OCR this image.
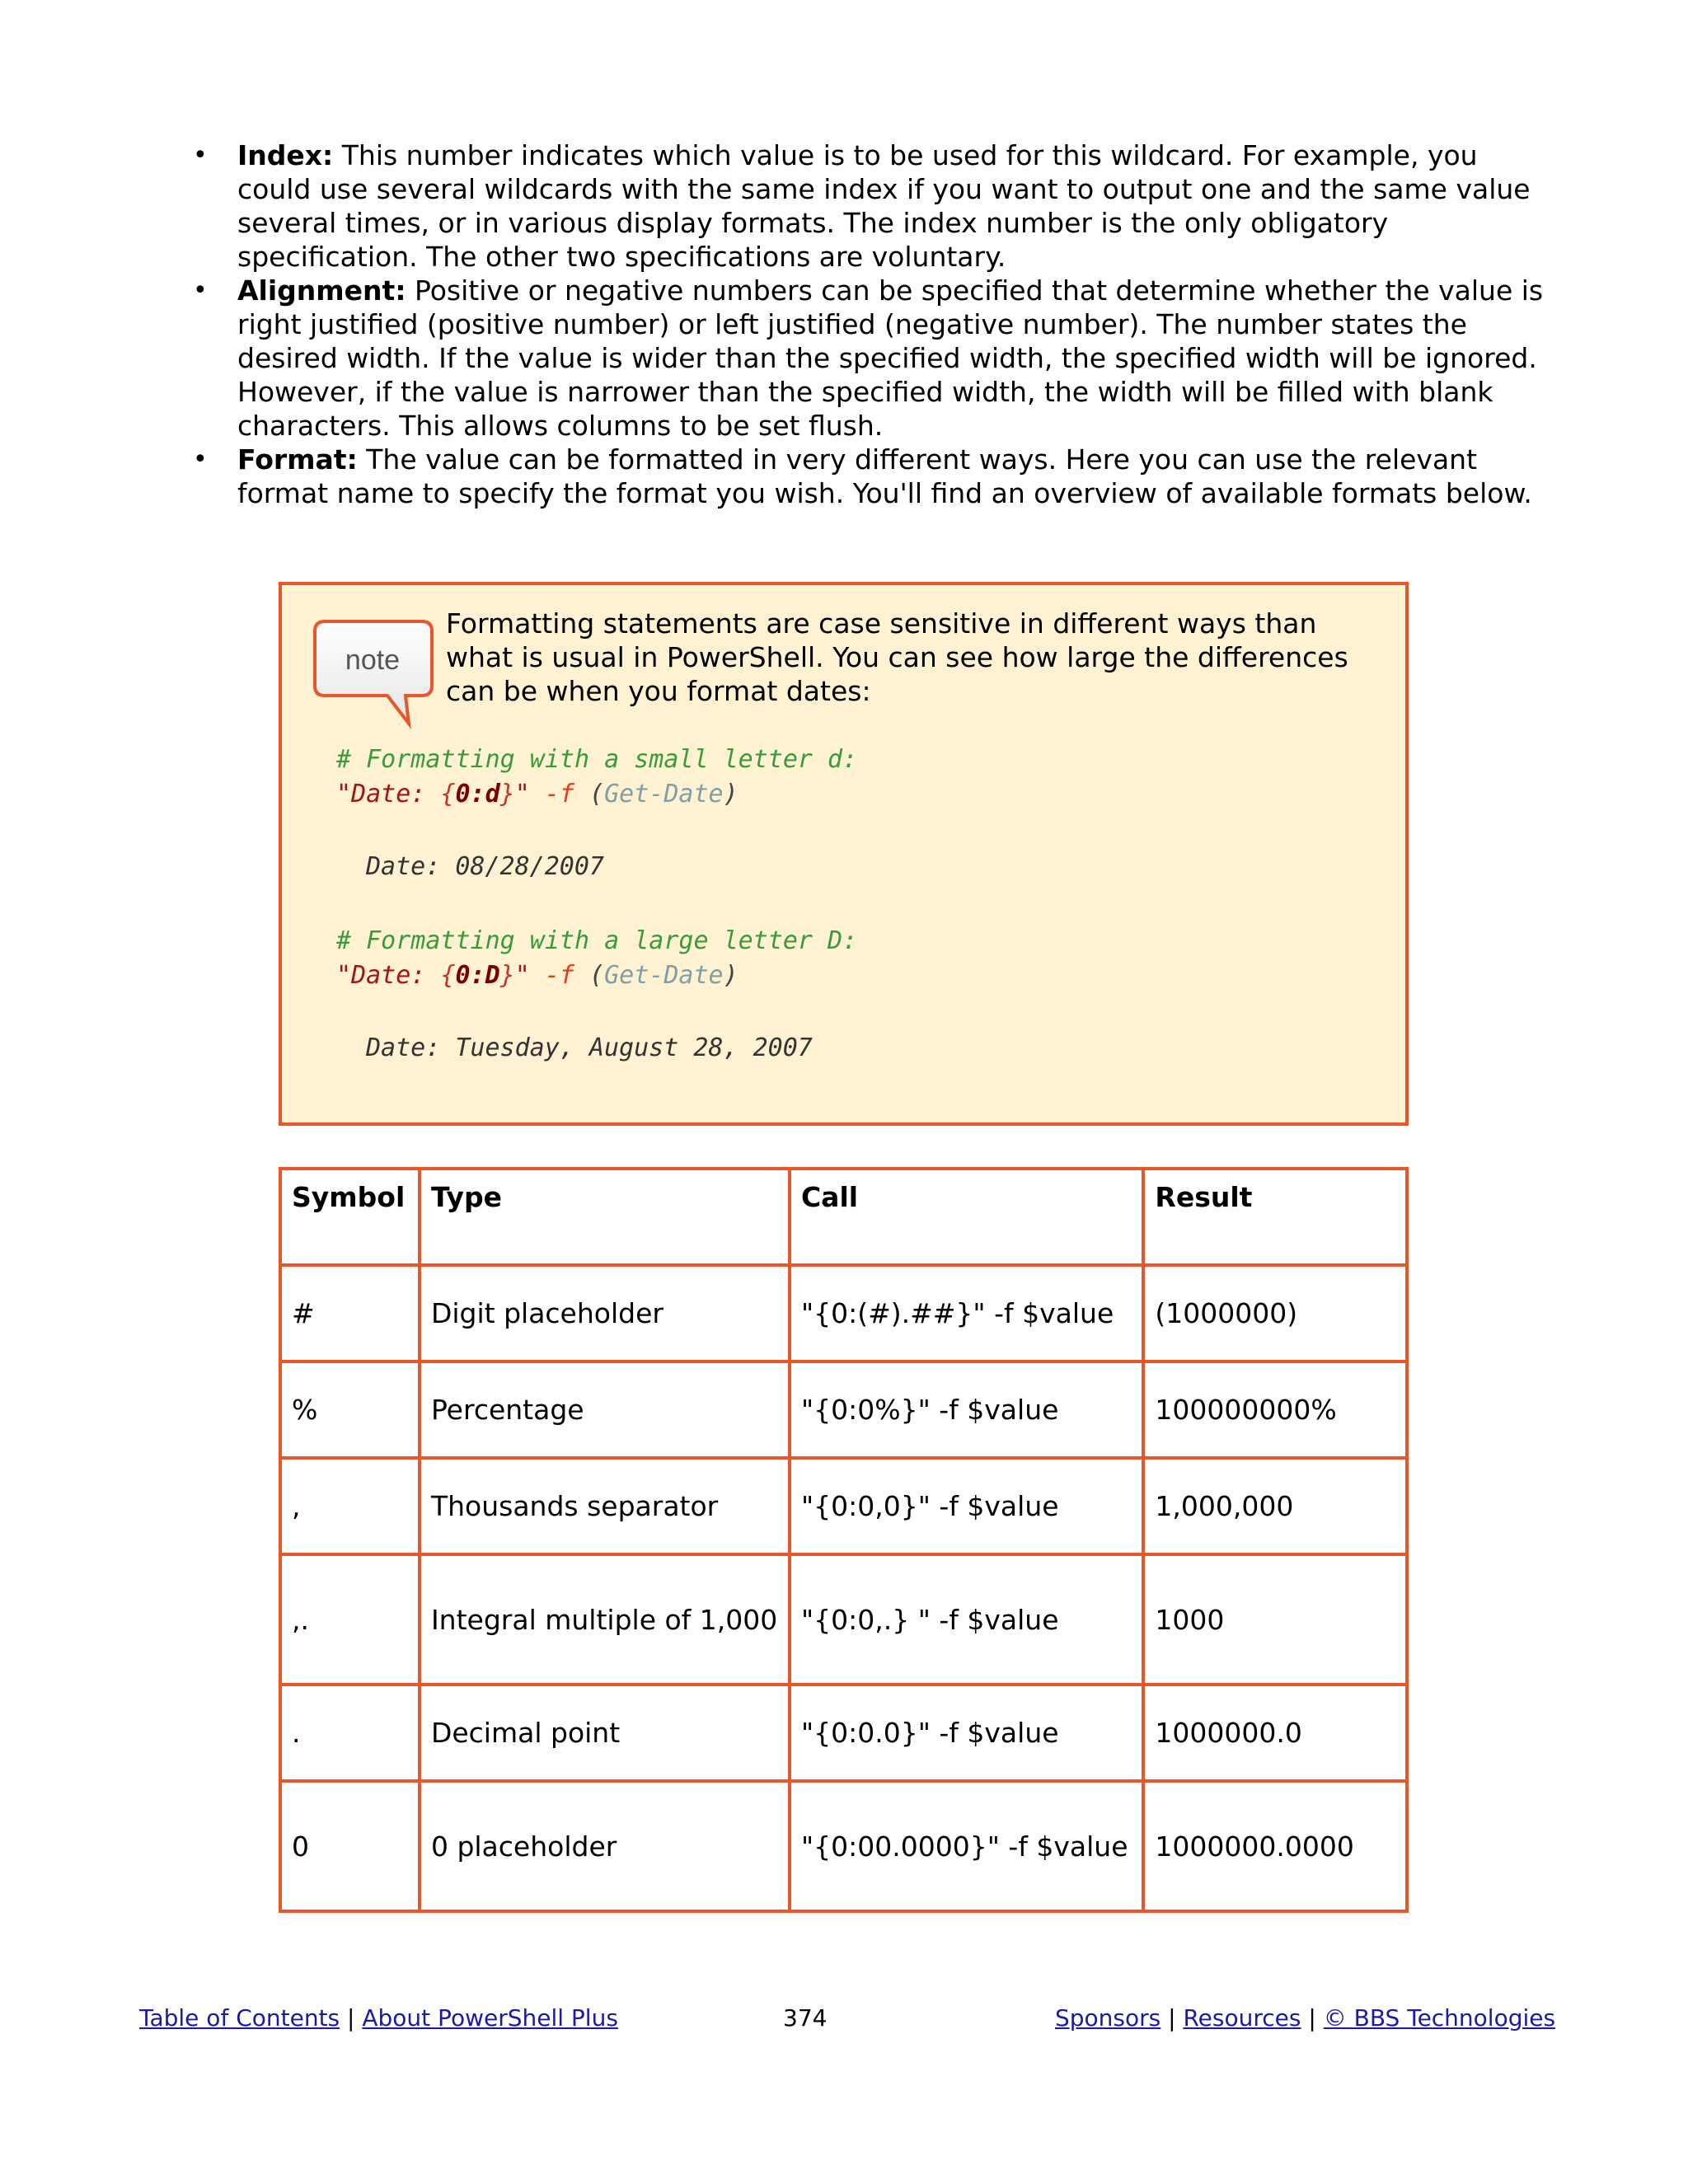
• Index: This number indicates which value is to be used for this wildcard. For example, you could use several wildcards with the same index if you want to output one and the same value several times, or in various display formats. The index number is the only obligatory specification. The other two specifications are voluntary.
• Alignment: Positive or negative numbers can be specified that determine whether the value is right justified (positive number) or left justified (negative number). The number states the desired width. If the value is wider than the specified width, the specified width will be ignored. However, if the value is narrower than the specified width, the width will be filled with blank characters. This allows columns to be set flush.
• Format: The value can be formatted in very different ways. Here you can use the relevant format name to specify the format you wish. You'll find an overview of available formats below.
note
Formatting statements are case sensitive in different ways than what is usual in PowerShell. You can see how large the differences can be when you format dates:
# Formatting with a small letter d:
"Date: {0:d}" -f (Get-Date)
Date: 08/28/2007
# Formatting with a large letter D:
"Date: {0:D}" -f (Get-Date)
Date: Tuesday, August 28, 2007
Symbol	Type	Call	Result
#	Digit placeholder	"{0:(#).##}" -f $value	(1000000)
%	Percentage	"{0:0%}" -f $value	100000000%
,	Thousands separator	"{0:0,0}" -f $value	1,000,000
,.	Integral multiple of 1,000	"{0:0,.} " -f $value	1000
.	Decimal point	"{0:0.0}" -f $value	1000000.0
0	0 placeholder	"{0:00.0000}" -f $value	1000000.0000
Table of Contents | About PowerShell Plus	374	Sponsors | Resources | © BBS Technologies
